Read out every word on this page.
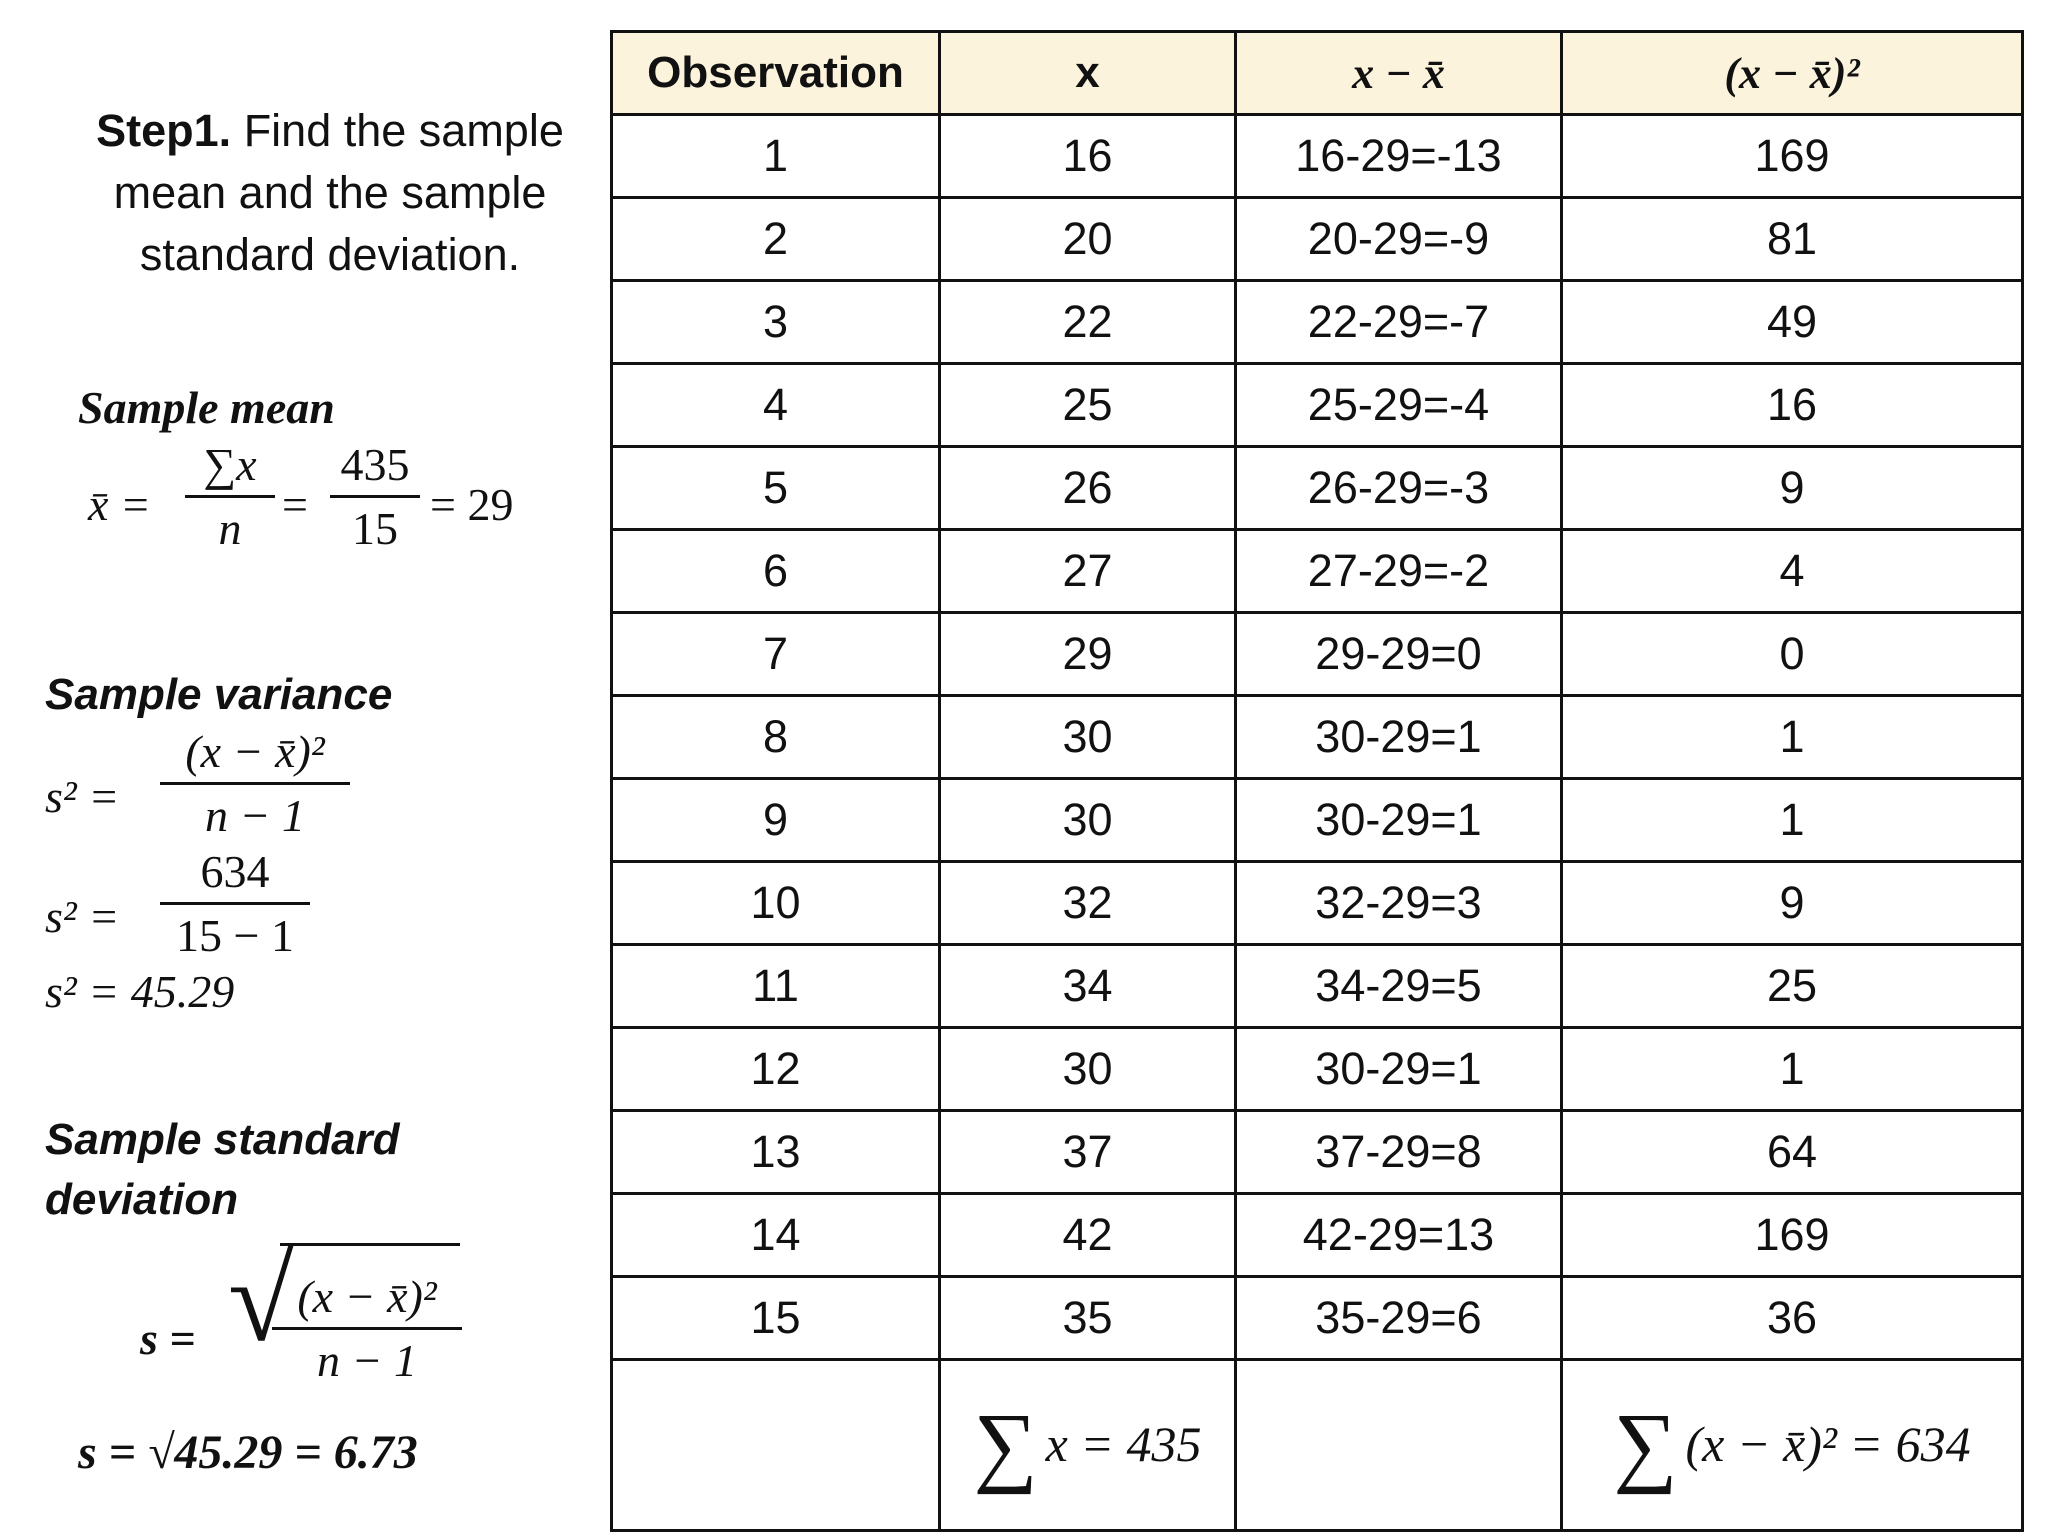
Step1. Find the sample mean and the sample standard deviation.
Sample mean
x̄ =
∑x
n =
435
15 = 29
Sample variance
s² =
(x − x̄)²
n − 1
s² =
634
15 − 1
s² = 45.29
Sample standard deviation
s = √ (x − x̄)²
n − 1
s = √45.29 = 6.73
Observation	x	x − x̄	(x − x̄)²
1	16	16-29=-13	169
2	20	20-29=-9	81
3	22	22-29=-7	49
4	25	25-29=-4	16
5	26	26-29=-3	9
6	27	27-29=-2	4
7	29	29-29=0	0
8	30	30-29=1	1
9	30	30-29=1	1
10	32	32-29=3	9
11	34	34-29=5	25
12	30	30-29=1	1
13	37	37-29=8	64
14	42	42-29=13	169
15	35	35-29=6	36
	∑ x = 435		∑ (x − x̄)² = 634
